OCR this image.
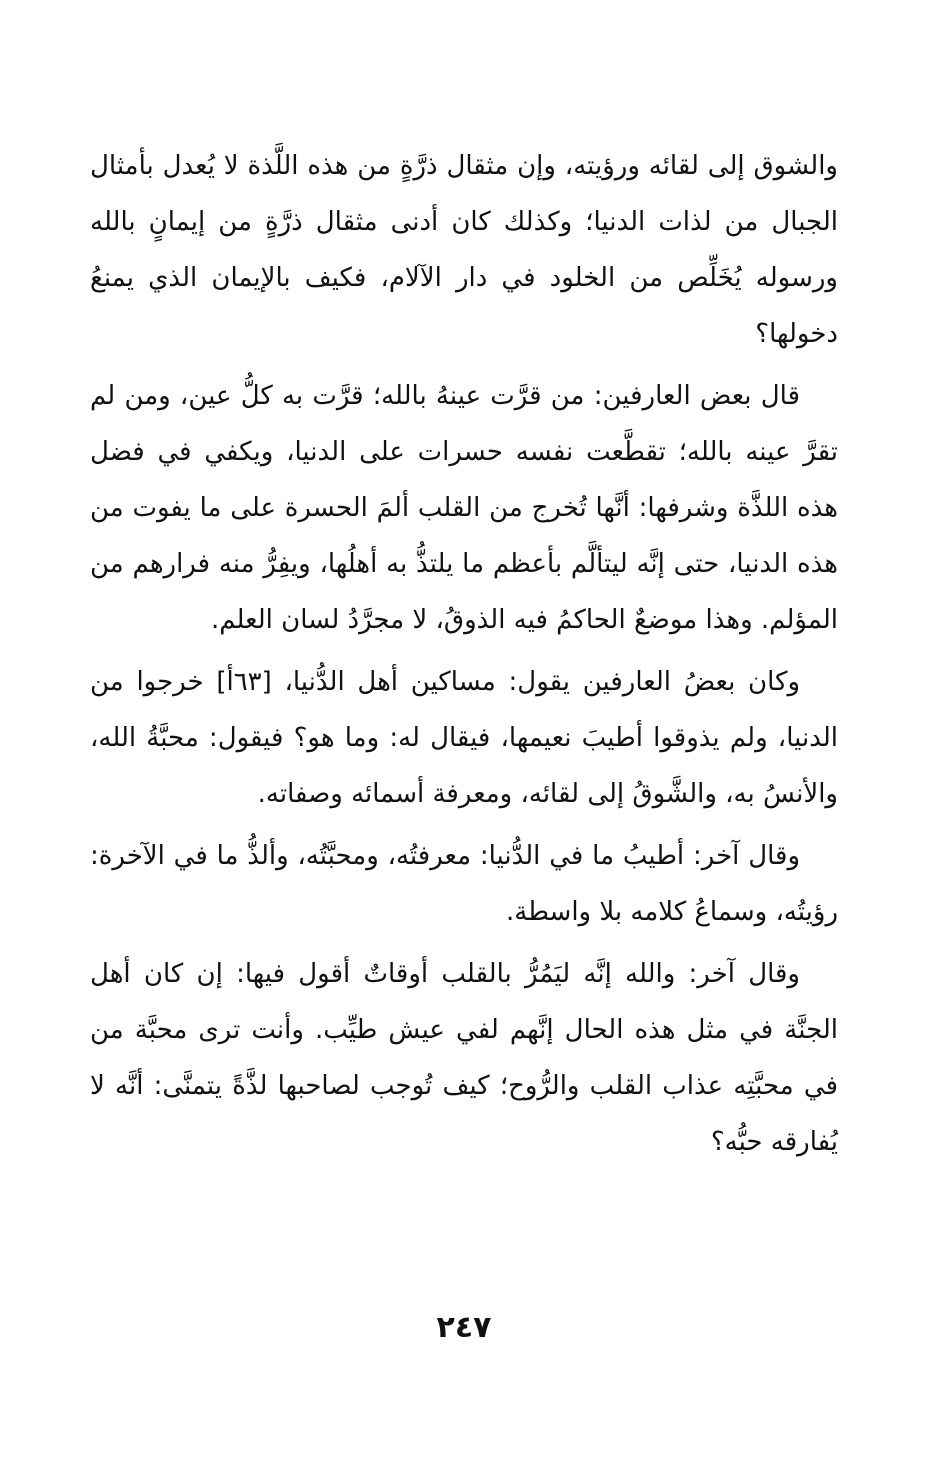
والشوق إلى لقائه ورؤيته، وإن مثقال ذرَّةٍ من هذه اللَّذة لا يُعدل بأمثال الجبال من لذات الدنيا؛ وكذلك كان أدنى مثقال ذرَّةٍ من إيمانٍ بالله ورسوله يُخَلِّص من الخلود في دار الآلام، فكيف بالإيمان الذي يمنعُ دخولها؟

قال بعض العارفين: من قرَّت عينهُ بالله؛ قرَّت به كلُّ عين، ومن لم تقرَّ عينه بالله؛ تقطَّعت نفسه حسرات على الدنيا، ويكفي في فضل هذه اللذَّة وشرفها: أنَّها تُخرج من القلب ألمَ الحسرة على ما يفوت من هذه الدنيا، حتى إنَّه ليتألَّم بأعظم ما يلتذُّ به أهلُها، ويفِرُّ منه فرارهم من المؤلم. وهذا موضعٌ الحاكمُ فيه الذوقُ، لا مجرَّدُ لسان العلم.

وكان بعضُ العارفين يقول: مساكين أهل الدُّنيا، [٦٣أ] خرجوا من الدنيا، ولم يذوقوا أطيبَ نعيمها، فيقال له: وما هو؟ فيقول: محبَّةُ الله، والأنسُ به، والشَّوقُ إلى لقائه، ومعرفة أسمائه وصفاته.

وقال آخر: أطيبُ ما في الدُّنيا: معرفتُه، ومحبَّتُه، وألذُّ ما في الآخرة: رؤيتُه، وسماعُ كلامه بلا واسطة.

وقال آخر: والله إنَّه ليَمُرُّ بالقلب أوقاتٌ أقول فيها: إن كان أهل الجنَّة في مثل هذه الحال إنَّهم لفي عيش طيِّب. وأنت ترى محبَّة من في محبَّتِه عذاب القلب والرُّوح؛ كيف تُوجب لصاحبها لذَّةً يتمنَّى: أنَّه لا يُفارقه حبُّه؟

٢٤٧
